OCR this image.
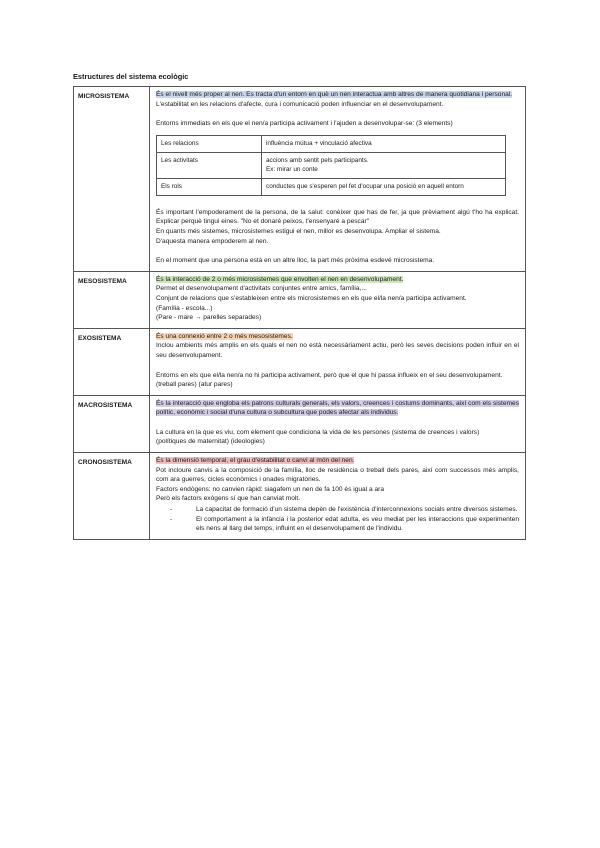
Estructures del sistema ecològic

MICROSISTEMA	És el nivell més proper al nen. Es tracta d'un entorn en què un nen interactua amb altres de manera quotidiana i personal.

L'estabilitat en les relacions d'afecte, cura i comunicació poden influenciar en el desenvolupament.

Entorns immediats en els que el nen/a participa activament i l'ajuden a desenvolupar-se: (3 elements)

Les relacions	influència mútua + vinculació afectiva
Les activitats	accions amb sentit pels participants.
Ex: mirar un conte
Els rols	conductes que s'esperen pel fet d'ocupar una posició en aquell entorn

És important l'empoderament de la persona, de la salut: conèixer que has de fer, ja que prèviament algú t'ho ha explicat. Explicar perquè tingui eines. "No et donaré peixos, t'ensenyaré a pescar"

En quants més sistemes, microsistemes estigui el nen, millor es desenvolupa. Ampliar el sistema.

D'aquesta manera empoderem al nen.

En el moment que una persona està en un altre lloc, la part més pròxima esdevé microsistema.

MESOSISTEMA	És la interacció de 2 o més microsistemes que envolten el nen en desenvolupament.

Permet el desenvolupament d'activitats conjuntes entre amics, família,...

Conjunt de relacions que s'estableixen entre els microsistemes en els que el/la nen/a participa activament.

(Família - escola...)

(Pare - mare → parelles separades)

EXOSISTEMA	És una connexió entre 2 o més mesosistemes.

Inclou ambients més amplis en els quals el nen no està necessàriament actiu, però les seves decisions poden influir en el seu desenvolupament.

Entorns en els que el/la nen/a no hi participa activament, però que el que hi passa influeix en el seu desenvolupament.

(treball pares) (atur pares)

MACROSISTEMA	És la interacció que engloba els patrons culturals generals, els valors, creences i costums dominants, així com els sistemes polític, econòmic i social d'una cultura o subcultura que podes afectar als individus.

La cultura en la que es viu, com element que condiciona la vida de les persones (sistema de creences i valors)

(polítiques de maternitat) (ideologies)

CRONOSISTEMA	És la dimensió temporal, el grau d'estabilitat o canvi al món del nen.

Pot incloure canvis a la composició de la família, lloc de residència o treball dels pares, així com successos més amplis, com ara guerres, cicles econòmics i onades migratòries.

Factors endògens: no canvien ràpid: siagafem un nen de fa 100 és igual a ara

Però els factors exògens sí que han canviat molt.

- La capacitat de formació d'un sistema depèn de l'existència d'interconnexions socials entre diversos sistemes.
- El comportament a la infància i la posterior edat adulta, es veu mediat per les interaccions que experimenten els nens al llarg del temps, influint en el desenvolupament de l'individu.
